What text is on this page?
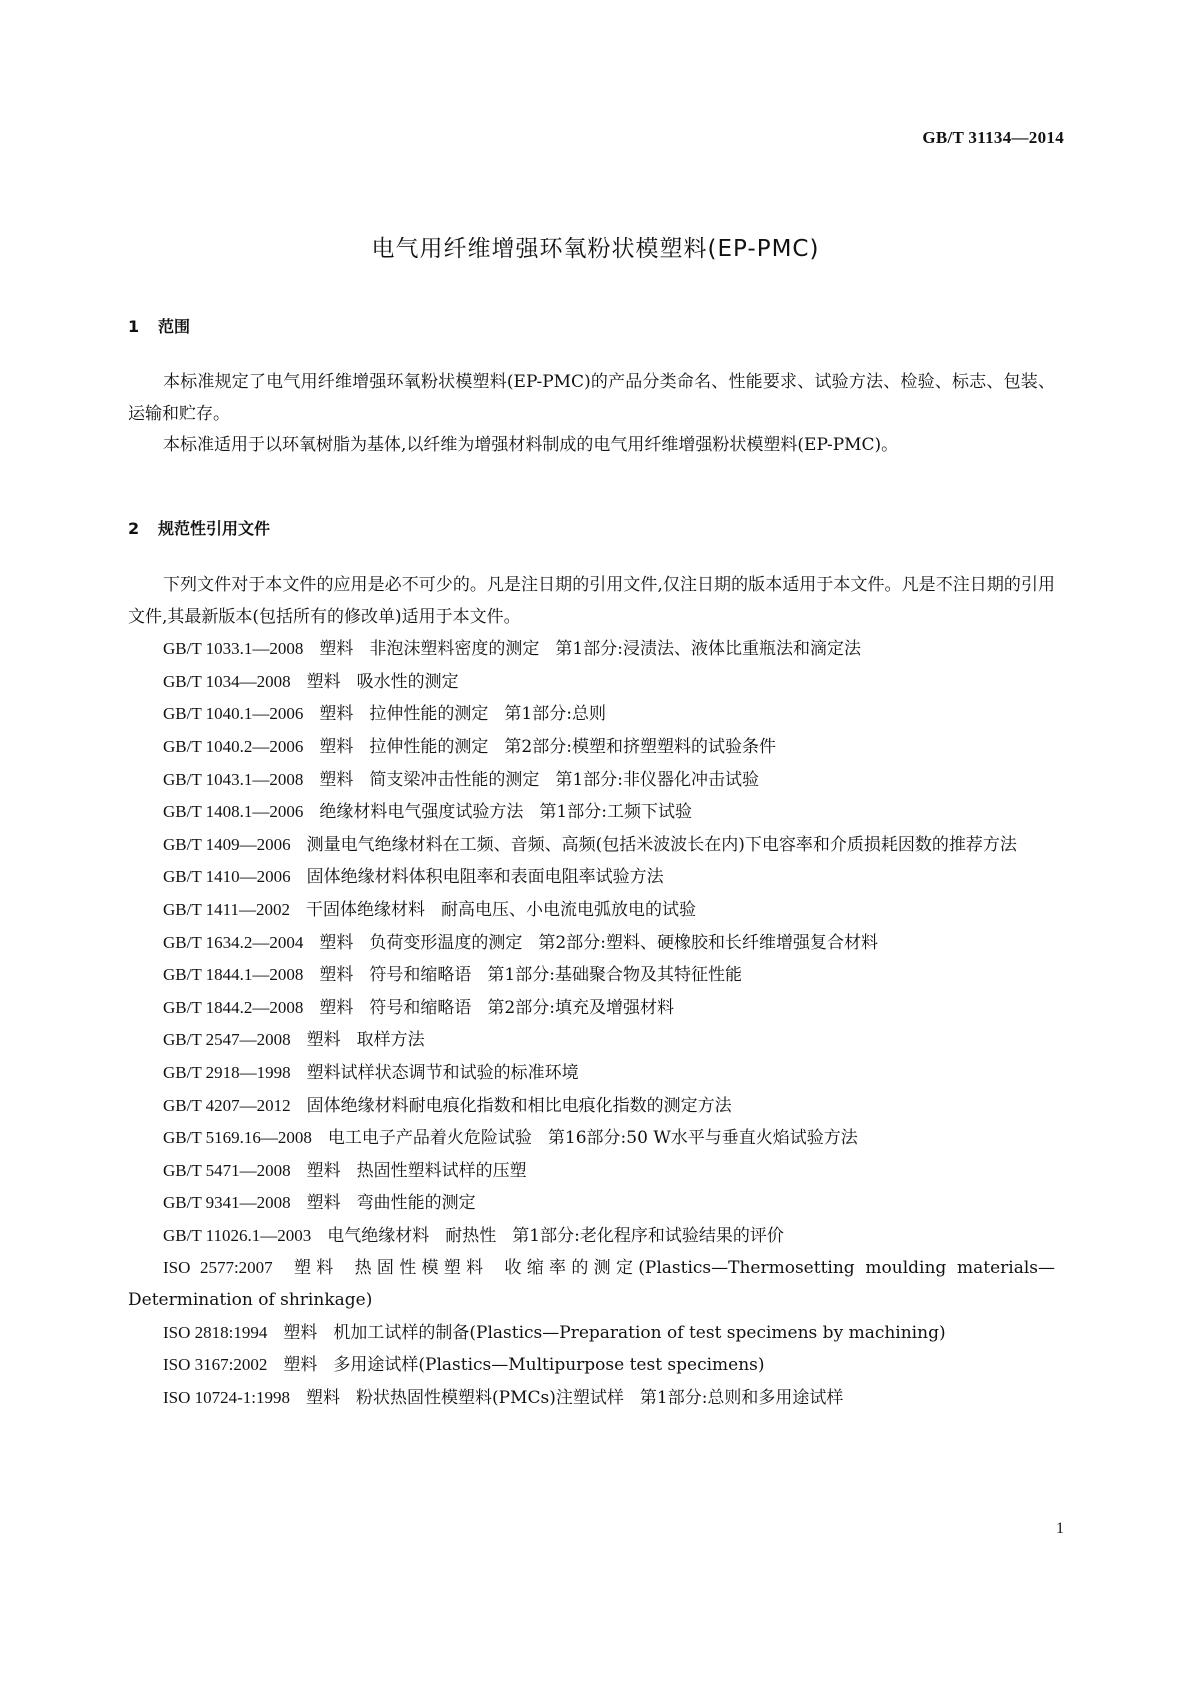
GB/T 31134—2014
电气用纤维增强环氧粉状模塑料(EP-PMC)
1 范围

本标准规定了电气用纤维增强环氧粉状模塑料(EP-PMC)的产品分类命名、性能要求、试验方法、检验、标志、包装、运输和贮存。

本标准适用于以环氧树脂为基体,以纤维为增强材料制成的电气用纤维增强粉状模塑料(EP-PMC)。

2 规范性引用文件

下列文件对于本文件的应用是必不可少的。凡是注日期的引用文件,仅注日期的版本适用于本文件。凡是不注日期的引用文件,其最新版本(包括所有的修改单)适用于本文件。

GB/T 1033.1—2008 塑料 非泡沫塑料密度的测定 第1部分:浸渍法、液体比重瓶法和滴定法

GB/T 1034—2008 塑料 吸水性的测定

GB/T 1040.1—2006 塑料 拉伸性能的测定 第1部分:总则

GB/T 1040.2—2006 塑料 拉伸性能的测定 第2部分:模塑和挤塑塑料的试验条件

GB/T 1043.1—2008 塑料 简支梁冲击性能的测定 第1部分:非仪器化冲击试验

GB/T 1408.1—2006 绝缘材料电气强度试验方法 第1部分:工频下试验

GB/T 1409—2006 测量电气绝缘材料在工频、音频、高频(包括米波波长在内)下电容率和介质损耗因数的推荐方法

GB/T 1410—2006 固体绝缘材料体积电阻率和表面电阻率试验方法

GB/T 1411—2002 干固体绝缘材料 耐高电压、小电流电弧放电的试验

GB/T 1634.2—2004 塑料 负荷变形温度的测定 第2部分:塑料、硬橡胶和长纤维增强复合材料

GB/T 1844.1—2008 塑料 符号和缩略语 第1部分:基础聚合物及其特征性能

GB/T 1844.2—2008 塑料 符号和缩略语 第2部分:填充及增强材料

GB/T 2547—2008 塑料 取样方法

GB/T 2918—1998 塑料试样状态调节和试验的标准环境

GB/T 4207—2012 固体绝缘材料耐电痕化指数和相比电痕化指数的测定方法

GB/T 5169.16—2008 电工电子产品着火危险试验 第16部分:50 W水平与垂直火焰试验方法

GB/T 5471—2008 塑料 热固性塑料试样的压塑

GB/T 9341—2008 塑料 弯曲性能的测定

GB/T 11026.1—2003 电气绝缘材料 耐热性 第1部分:老化程序和试验结果的评价

ISO 2577:2007 塑料 热固性模塑料 收缩率的测定(Plastics—Thermosetting moulding materials—Determination of shrinkage)

ISO 2818:1994 塑料 机加工试样的制备(Plastics—Preparation of test specimens by machining)

ISO 3167:2002 塑料 多用途试样(Plastics—Multipurpose test specimens)

ISO 10724-1:1998 塑料 粉状热固性模塑料(PMCs)注塑试样 第1部分:总则和多用途试样

1
